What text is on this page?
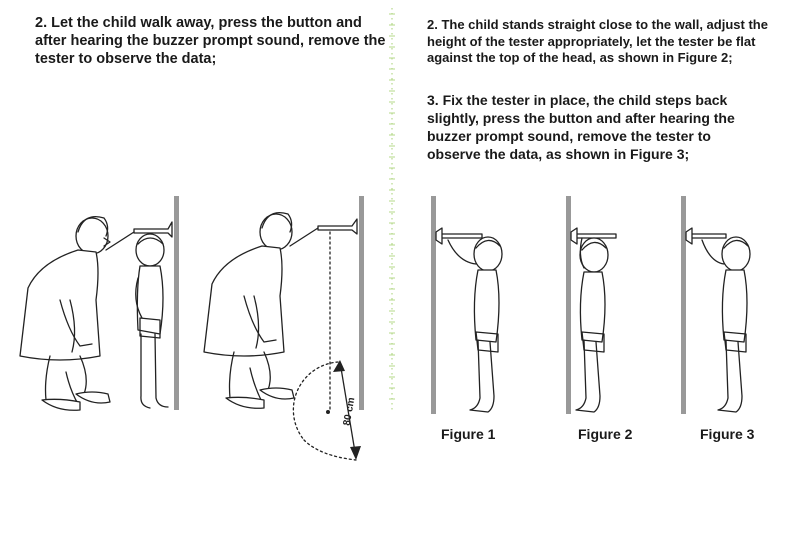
80 cm
2. Let the child walk away, press the button and after hearing the buzzer prompt sound, remove the tester to observe the data;
2. The child stands straight close to the wall, adjust the height of the tester appropriately, let the tester be flat against the top of the head, as shown in Figure 2;
3. Fix the tester in place, the child steps back slightly, press the button and after hearing the buzzer prompt sound, remove the tester to observe the data, as shown in Figure 3;
Figure 1	Figure 2	Figure 3
